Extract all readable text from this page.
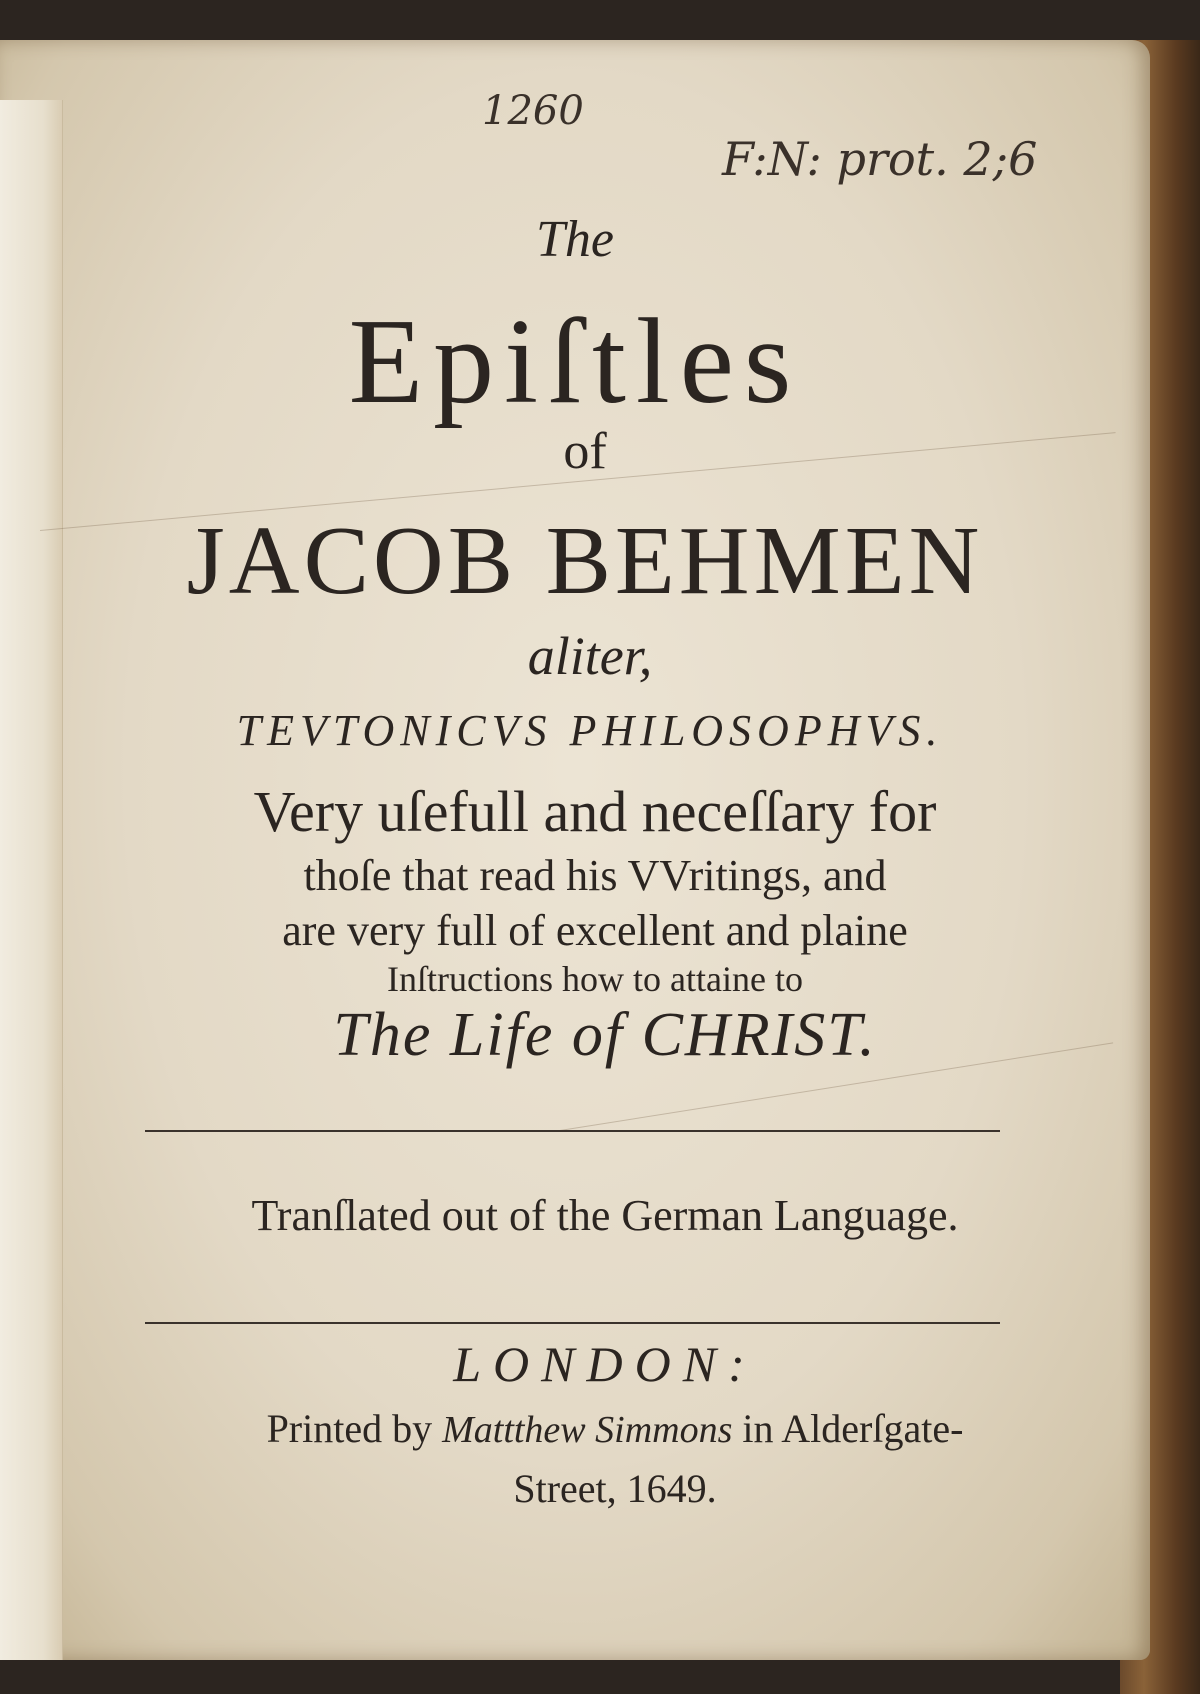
1260
F:N: prot. 2;6
The
Epiſtles
of
JACOB BEHMEN
aliter,
TEVTONICVS PHILOSOPHVS.
Very uſefull and neceſſary for
thoſe that read his VVritings, and
are very full of excellent and plaine
Inſtructions how to attaine to
The Life of CHRIST.
Tranſlated out of the German Language.
LONDON:
Printed by Mattthew Simmons in Alderſgate-
Street, 1649.
